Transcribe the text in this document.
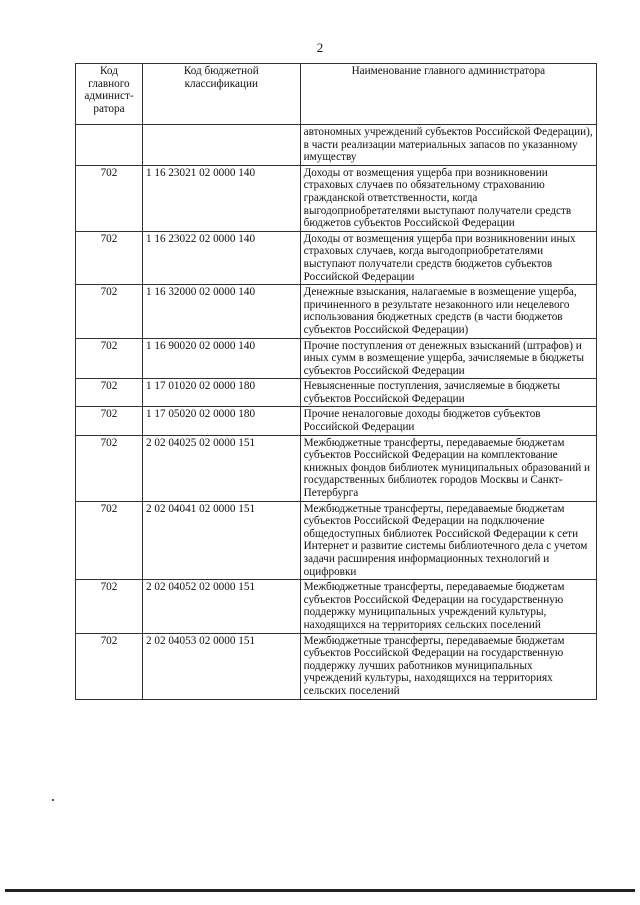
2
Код главного админист-ратора	Код бюджетной классификации	Наименование главного администратора
		автономных учреждений субъектов Российской Федерации), в части реализации материальных запасов по указанному имуществу
702	1 16 23021 02 0000 140	Доходы от возмещения ущерба при возникновении страховых случаев по обязательному страхованию гражданской ответственности, когда выгодоприобретателями выступают получатели средств бюджетов субъектов Российской Федерации
702	1 16 23022 02 0000 140	Доходы от возмещения ущерба при возникновении иных страховых случаев, когда выгодоприобретателями выступают получатели средств бюджетов субъектов Российской Федерации
702	1 16 32000 02 0000 140	Денежные взыскания, налагаемые в возмещение ущерба, причиненного в результате незаконного или нецелевого использования бюджетных средств (в части бюджетов субъектов Российской Федерации)
702	1 16 90020 02 0000 140	Прочие поступления от денежных взысканий (штрафов) и иных сумм в возмещение ущерба, зачисляемые в бюджеты субъектов Российской Федерации
702	1 17 01020 02 0000 180	Невыясненные поступления, зачисляемые в бюджеты субъектов Российской Федерации
702	1 17 05020 02 0000 180	Прочие неналоговые доходы бюджетов субъектов Российской Федерации
702	2 02 04025 02 0000 151	Межбюджетные трансферты, передаваемые бюджетам субъектов Российской Федерации на комплектование книжных фондов библиотек муниципальных образований и государственных библиотек городов Москвы и Санкт-Петербурга
702	2 02 04041 02 0000 151	Межбюджетные трансферты, передаваемые бюджетам субъектов Российской Федерации на подключение общедоступных библиотек Российской Федерации к сети Интернет и развитие системы библиотечного дела с учетом задачи расширения информационных технологий и оцифровки
702	2 02 04052 02 0000 151	Межбюджетные трансферты, передаваемые бюджетам субъектов Российской Федерации на государственную поддержку муниципальных учреждений культуры, находящихся на территориях сельских поселений
702	2 02 04053 02 0000 151	Межбюджетные трансферты, передаваемые бюджетам субъектов Российской Федерации на государственную поддержку лучших работников муниципальных учреждений культуры, находящихся на территориях сельских поселений
